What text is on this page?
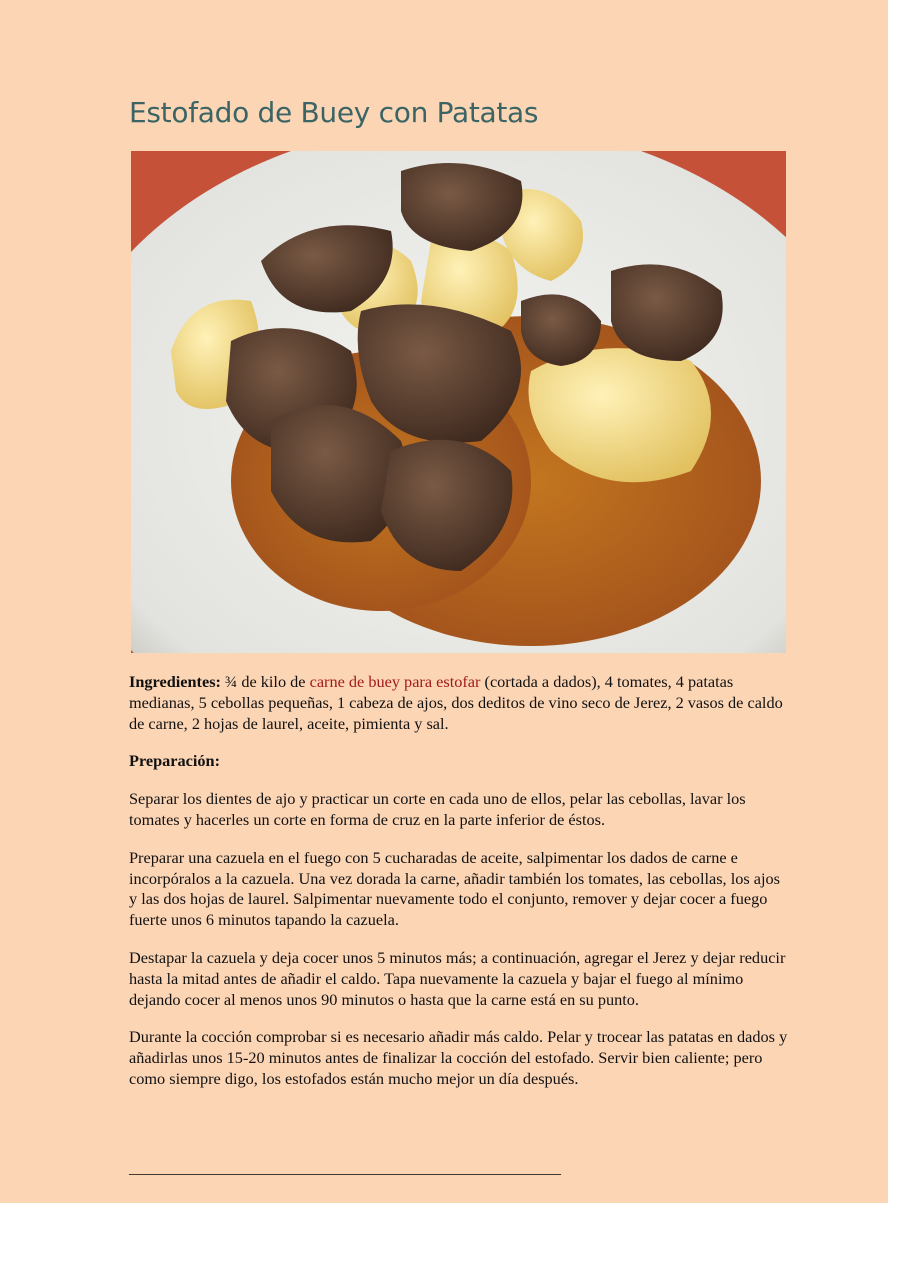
Estofado de Buey con Patatas

Ingredientes: ¾ de kilo de carne de buey para estofar (cortada a dados), 4 tomates, 4 patatas medianas, 5 cebollas pequeñas, 1 cabeza de ajos, dos deditos de vino seco de Jerez, 2 vasos de caldo de carne, 2 hojas de laurel, aceite, pimienta y sal.

Preparación:

Separar los dientes de ajo y practicar un corte en cada uno de ellos, pelar las cebollas, lavar los tomates y hacerles un corte en forma de cruz en la parte inferior de éstos.

Preparar una cazuela en el fuego con 5 cucharadas de aceite, salpimentar los dados de carne e incorpóralos a la cazuela. Una vez dorada la carne, añadir también los tomates, las cebollas, los ajos y las dos hojas de laurel. Salpimentar nuevamente todo el conjunto, remover y dejar cocer a fuego fuerte unos 6 minutos tapando la cazuela.

Destapar la cazuela y deja cocer unos 5 minutos más; a continuación, agregar el Jerez y dejar reducir hasta la mitad antes de añadir el caldo. Tapa nuevamente la cazuela y bajar el fuego al mínimo dejando cocer al menos unos 90 minutos o hasta que la carne está en su punto.

Durante la cocción comprobar si es necesario añadir más caldo. Pelar y trocear las patatas en dados y añadirlas unos 15-20 minutos antes de finalizar la cocción del estofado. Servir bien caliente; pero como siempre digo, los estofados están mucho mejor un día después.

______________________________________________________
